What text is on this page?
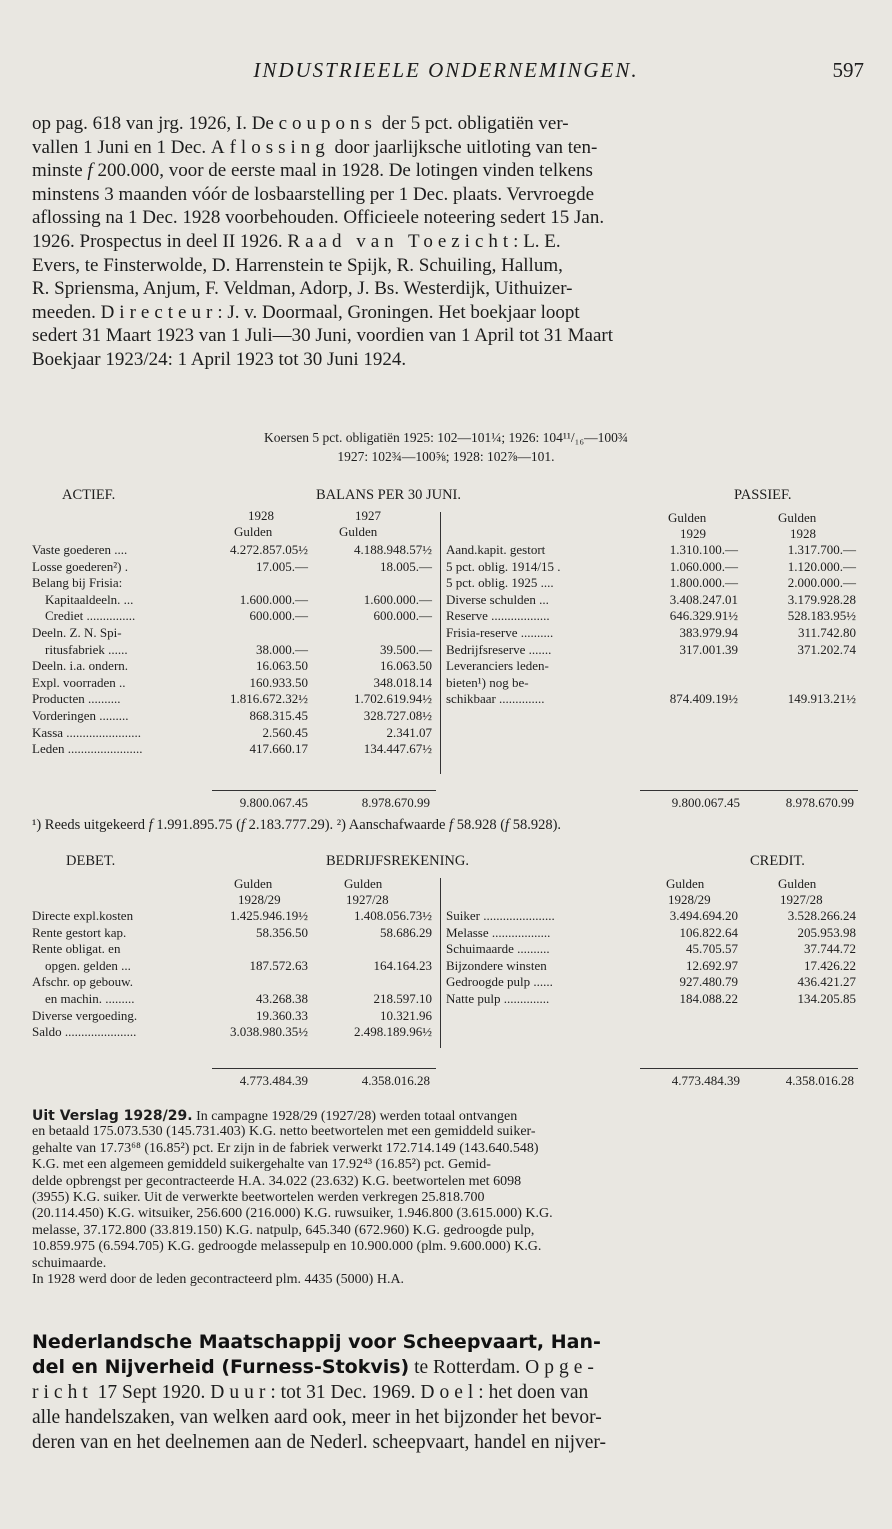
INDUSTRIEELE ONDERNEMINGEN.	597
op pag. 618 van jrg. 1926, I. De coupons der 5 pct. obligatiën ver-
vallen 1 Juni en 1 Dec. Aflossing door jaarlijksche uitloting van ten-
minste f 200.000, voor de eerste maal in 1928. De lotingen vinden telkens
minstens 3 maanden vóór de losbaarstelling per 1 Dec. plaats. Vervroegde
aflossing na 1 Dec. 1928 voorbehouden. Officieele noteering sedert 15 Jan.
1926. Prospectus in deel II 1926. Raad van Toezicht: L. E.
Evers, te Finsterwolde, D. Harrenstein te Spijk, R. Schuiling, Hallum,
R. Spriensma, Anjum, F. Veldman, Adorp, J. Bs. Westerdijk, Uithuizer-
meeden. Directeur: J. v. Doormaal, Groningen. Het boekjaar loopt
sedert 31 Maart 1923 van 1 Juli—30 Juni, voordien van 1 April tot 31 Maart
Boekjaar 1923/24: 1 April 1923 tot 30 Juni 1924.
Koersen 5 pct. obligatiën 1925: 102—101¼; 1926: 104¹¹/₁₆—100¾
1927: 102¾—100⅝; 1928: 102⅞—101.
ACTIEF.	BALANS PER 30 JUNI.	PASSIEF.
1928	1927
Gulden	Gulden
Gulden	Gulden
1929	1928
Vaste goederen ....	4.272.857.05½	4.188.948.57½
Losse goederen²) .	17.005.—	18.005.—
Belang bij Frisia:
 Kapitaaldeeln. ...	1.600.000.—	1.600.000.—
 Crediet ...............	600.000.—	600.000.—
Deeln. Z. N. Spi-
 ritusfabriek ......	38.000.—	39.500.—
Deeln. i.a. ondern.	16.063.50	16.063.50
Expl. voorraden ..	160.933.50	348.018.14
Producten ..........	1.816.672.32½	1.702.619.94½
Vorderingen .........	868.315.45	328.727.08½
Kassa .......................	2.560.45	2.341.07
Leden .......................	417.660.17	134.447.67½
Aand.kapit. gestort	1.310.100.—	1.317.700.—
5 pct. oblig. 1914/15 .	1.060.000.—	1.120.000.—
5 pct. oblig. 1925 ....	1.800.000.—	2.000.000.—
Diverse schulden ...	3.408.247.01	3.179.928.28
Reserve ..................	646.329.91½	528.183.95½
Frisia-reserve ..........	383.979.94	311.742.80
Bedrijfsreserve .......	317.001.39	371.202.74
Leveranciers leden-
bieten¹) nog be-
schikbaar ..............	874.409.19½	149.913.21½
9.800.067.45	8.978.670.99	9.800.067.45	8.978.670.99
¹) Reeds uitgekeerd f 1.991.895.75 (f 2.183.777.29). ²) Aanschafwaarde f 58.928 (f 58.928).
DEBET.	BEDRIJFSREKENING.	CREDIT.
Gulden	Gulden	Gulden	Gulden
1928/29	1927/28	1928/29	1927/28
Directe expl.kosten	1.425.946.19½	1.408.056.73½
Rente gestort kap.	58.356.50	58.686.29
Rente obligat. en
 opgen. gelden ...	187.572.63	164.164.23
Afschr. op gebouw.
 en machin. .........	43.268.38	218.597.10
Diverse vergoeding.	19.360.33	10.321.96
Saldo ......................	3.038.980.35½	2.498.189.96½
Suiker ......................	3.494.694.20	3.528.266.24
Melasse ..................	106.822.64	205.953.98
Schuimaarde ..........	45.705.57	37.744.72
Bijzondere winsten	12.692.97	17.426.22
Gedroogde pulp ......	927.480.79	436.421.27
Natte pulp ..............	184.088.22	134.205.85
4.773.484.39	4.358.016.28	4.773.484.39	4.358.016.28
Uit Verslag 1928/29. In campagne 1928/29 (1927/28) werden totaal ontvangen
en betaald 175.073.530 (145.731.403) K.G. netto beetwortelen met een gemiddeld suiker-
gehalte van 17.73⁶⁸ (16.85²) pct. Er zijn in de fabriek verwerkt 172.714.149 (143.640.548)
K.G. met een algemeen gemiddeld suikergehalte van 17.92⁴³ (16.85²) pct. Gemid-
delde opbrengst per gecontracteerde H.A. 34.022 (23.632) K.G. beetwortelen met 6098
(3955) K.G. suiker. Uit de verwerkte beetwortelen werden verkregen 25.818.700
(20.114.450) K.G. witsuiker, 256.600 (216.000) K.G. ruwsuiker, 1.946.800 (3.615.000) K.G.
melasse, 37.172.800 (33.819.150) K.G. natpulp, 645.340 (672.960) K.G. gedroogde pulp,
10.859.975 (6.594.705) K.G. gedroogde melassepulp en 10.900.000 (plm. 9.600.000) K.G.
schuimaarde.
In 1928 werd door de leden gecontracteerd plm. 4435 (5000) H.A.
Nederlandsche Maatschappij voor Scheepvaart, Han-
del en Nijverheid (Furness-Stokvis) te Rotterdam. Opge-
richt 17 Sept 1920. Duur: tot 31 Dec. 1969. Doel: het doen van
alle handelszaken, van welken aard ook, meer in het bijzonder het bevor-
deren van en het deelnemen aan de Nederl. scheepvaart, handel en nijver-
